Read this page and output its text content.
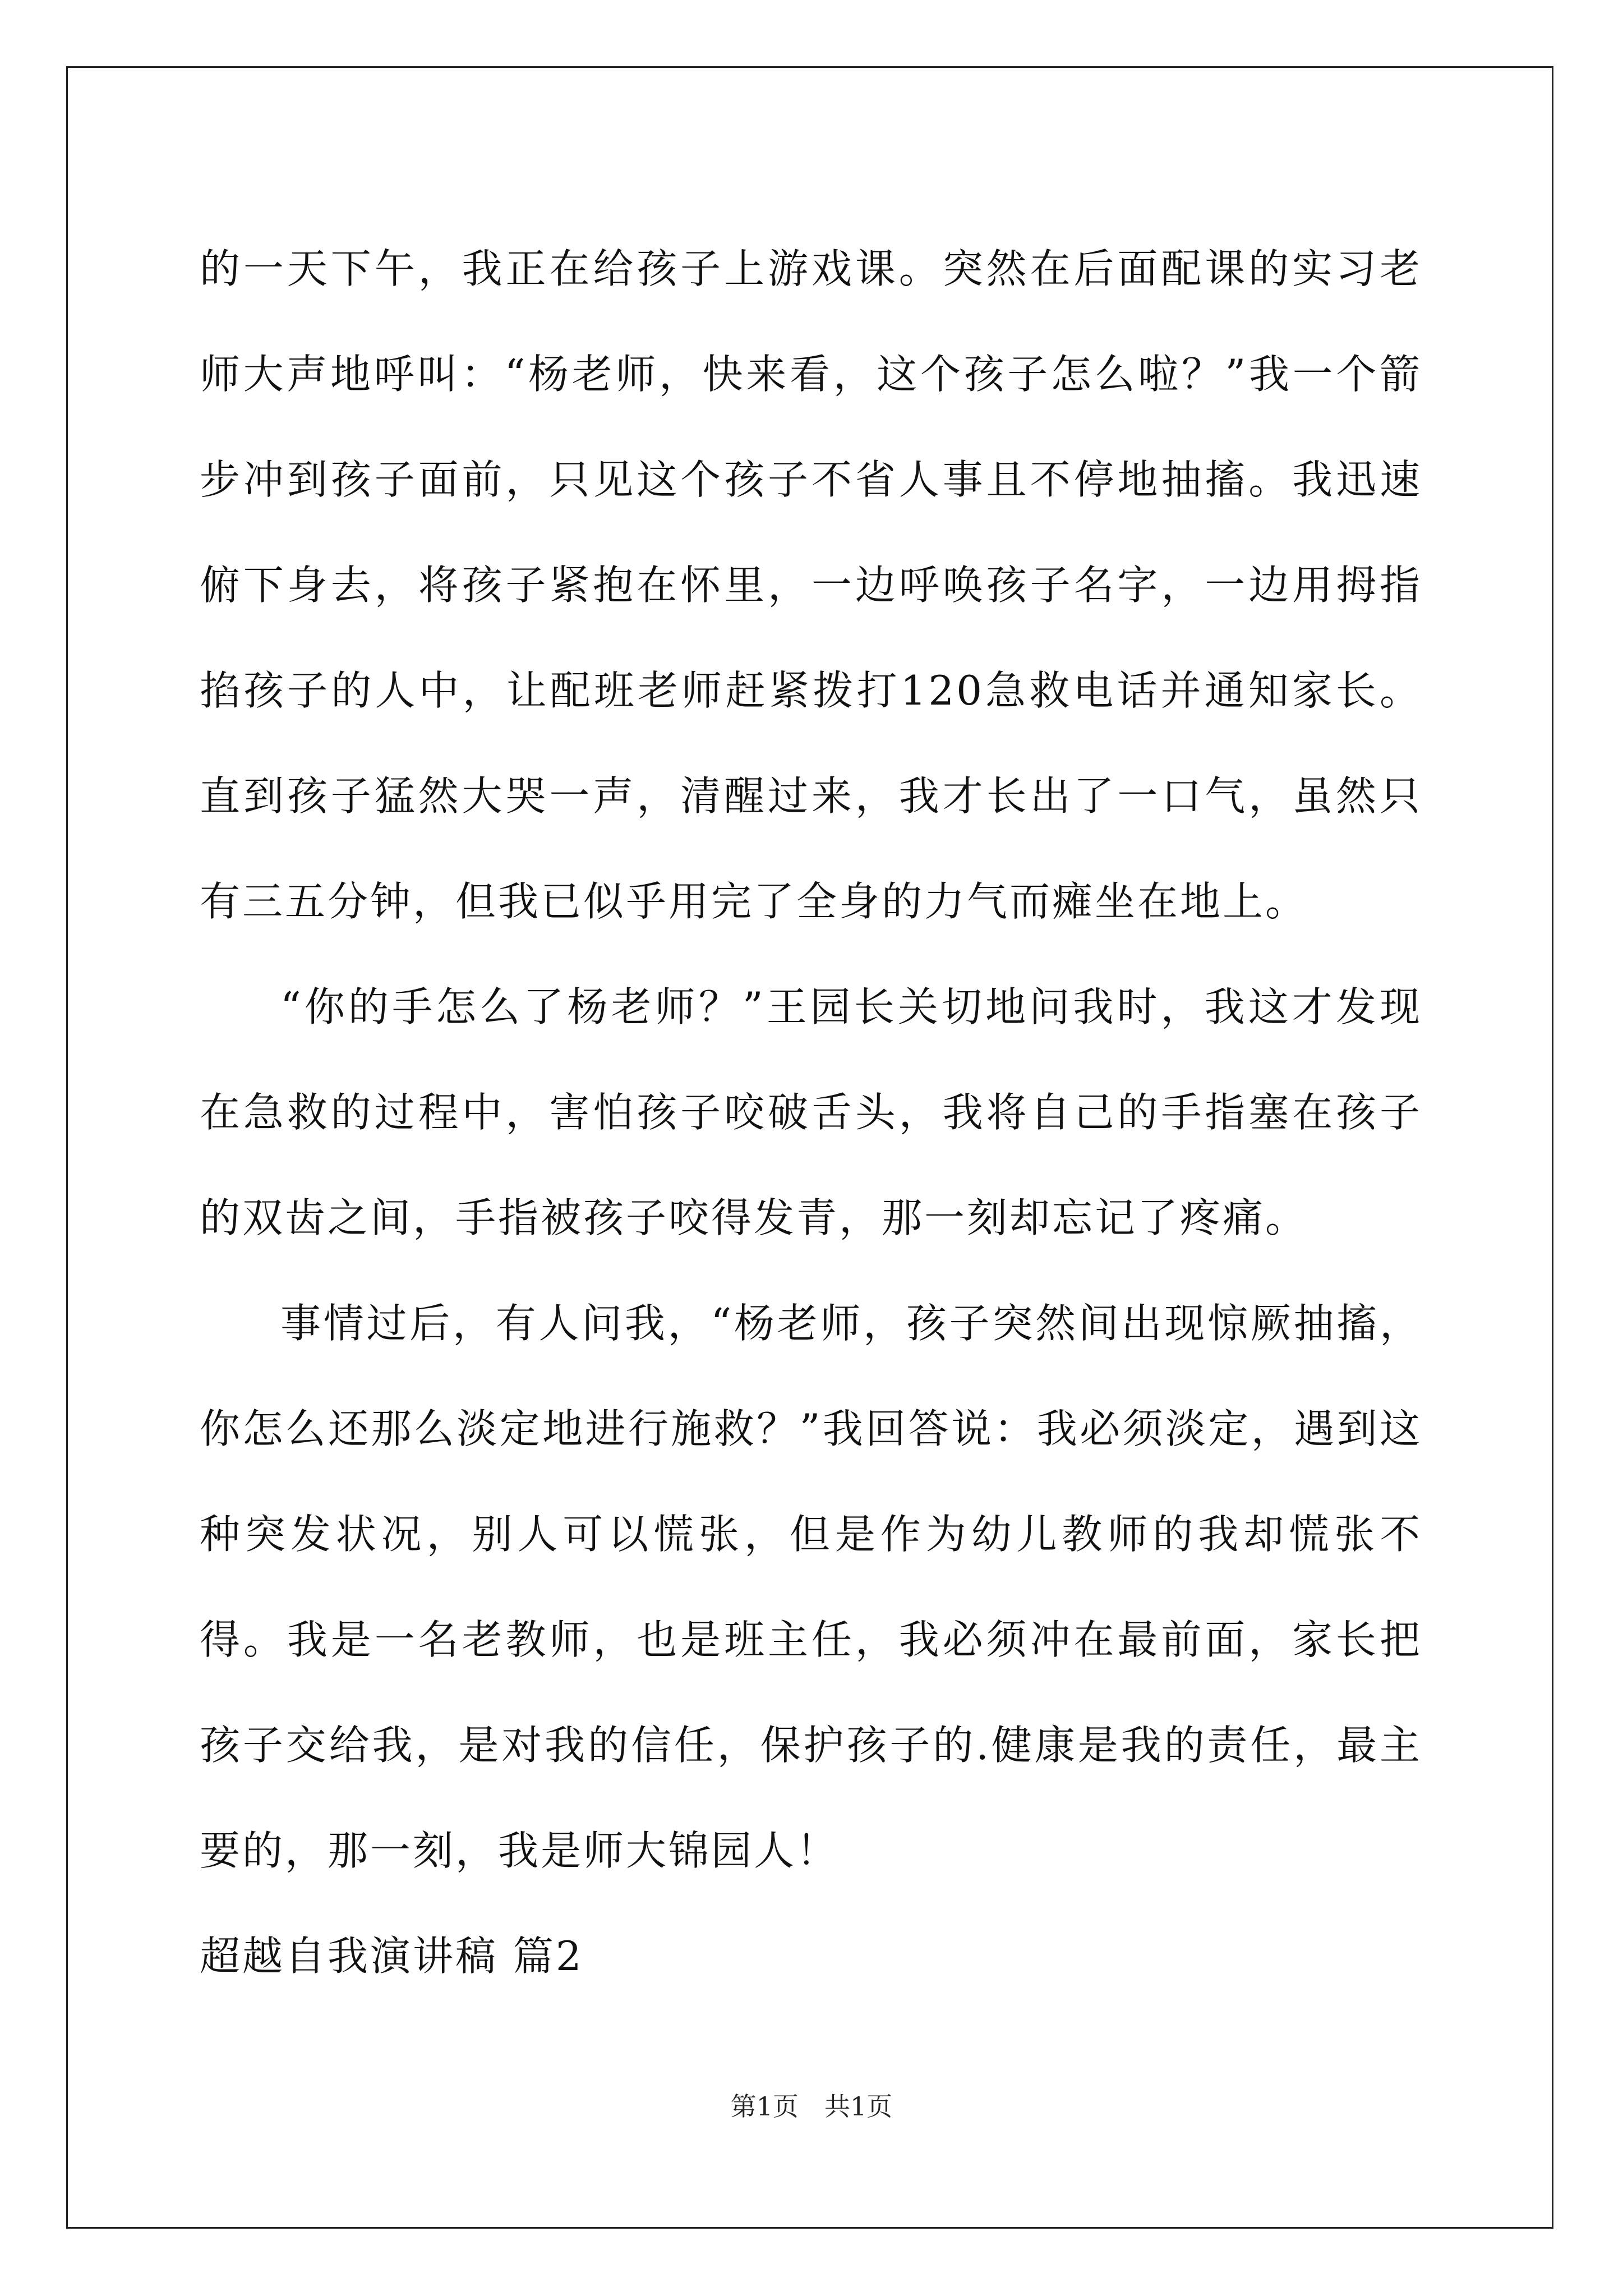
的一天下午，我正在给孩子上游戏课。突然在后面配课的实习老师大声地呼叫：“杨老师，快来看，这个孩子怎么啦？”我一个箭步冲到孩子面前，只见这个孩子不省人事且不停地抽搐。我迅速俯下身去，将孩子紧抱在怀里，一边呼唤孩子名字，一边用拇指掐孩子的人中，让配班老师赶紧拨打120急救电话并通知家长。直到孩子猛然大哭一声，清醒过来，我才长出了一口气，虽然只有三五分钟，但我已似乎用完了全身的力气而瘫坐在地上。

“你的手怎么了杨老师？”王园长关切地问我时，我这才发现在急救的过程中，害怕孩子咬破舌头，我将自己的手指塞在孩子的双齿之间，手指被孩子咬得发青，那一刻却忘记了疼痛。

事情过后，有人问我，“杨老师，孩子突然间出现惊厥抽搐，你怎么还那么淡定地进行施救？”我回答说：我必须淡定，遇到这种突发状况，别人可以慌张，但是作为幼儿教师的我却慌张不得。我是一名老教师，也是班主任，我必须冲在最前面，家长把孩子交给我，是对我的信任，保护孩子的.健康是我的责任，最主要的，那一刻，我是师大锦园人！

超越自我演讲稿 篇2

第1页　共1页
